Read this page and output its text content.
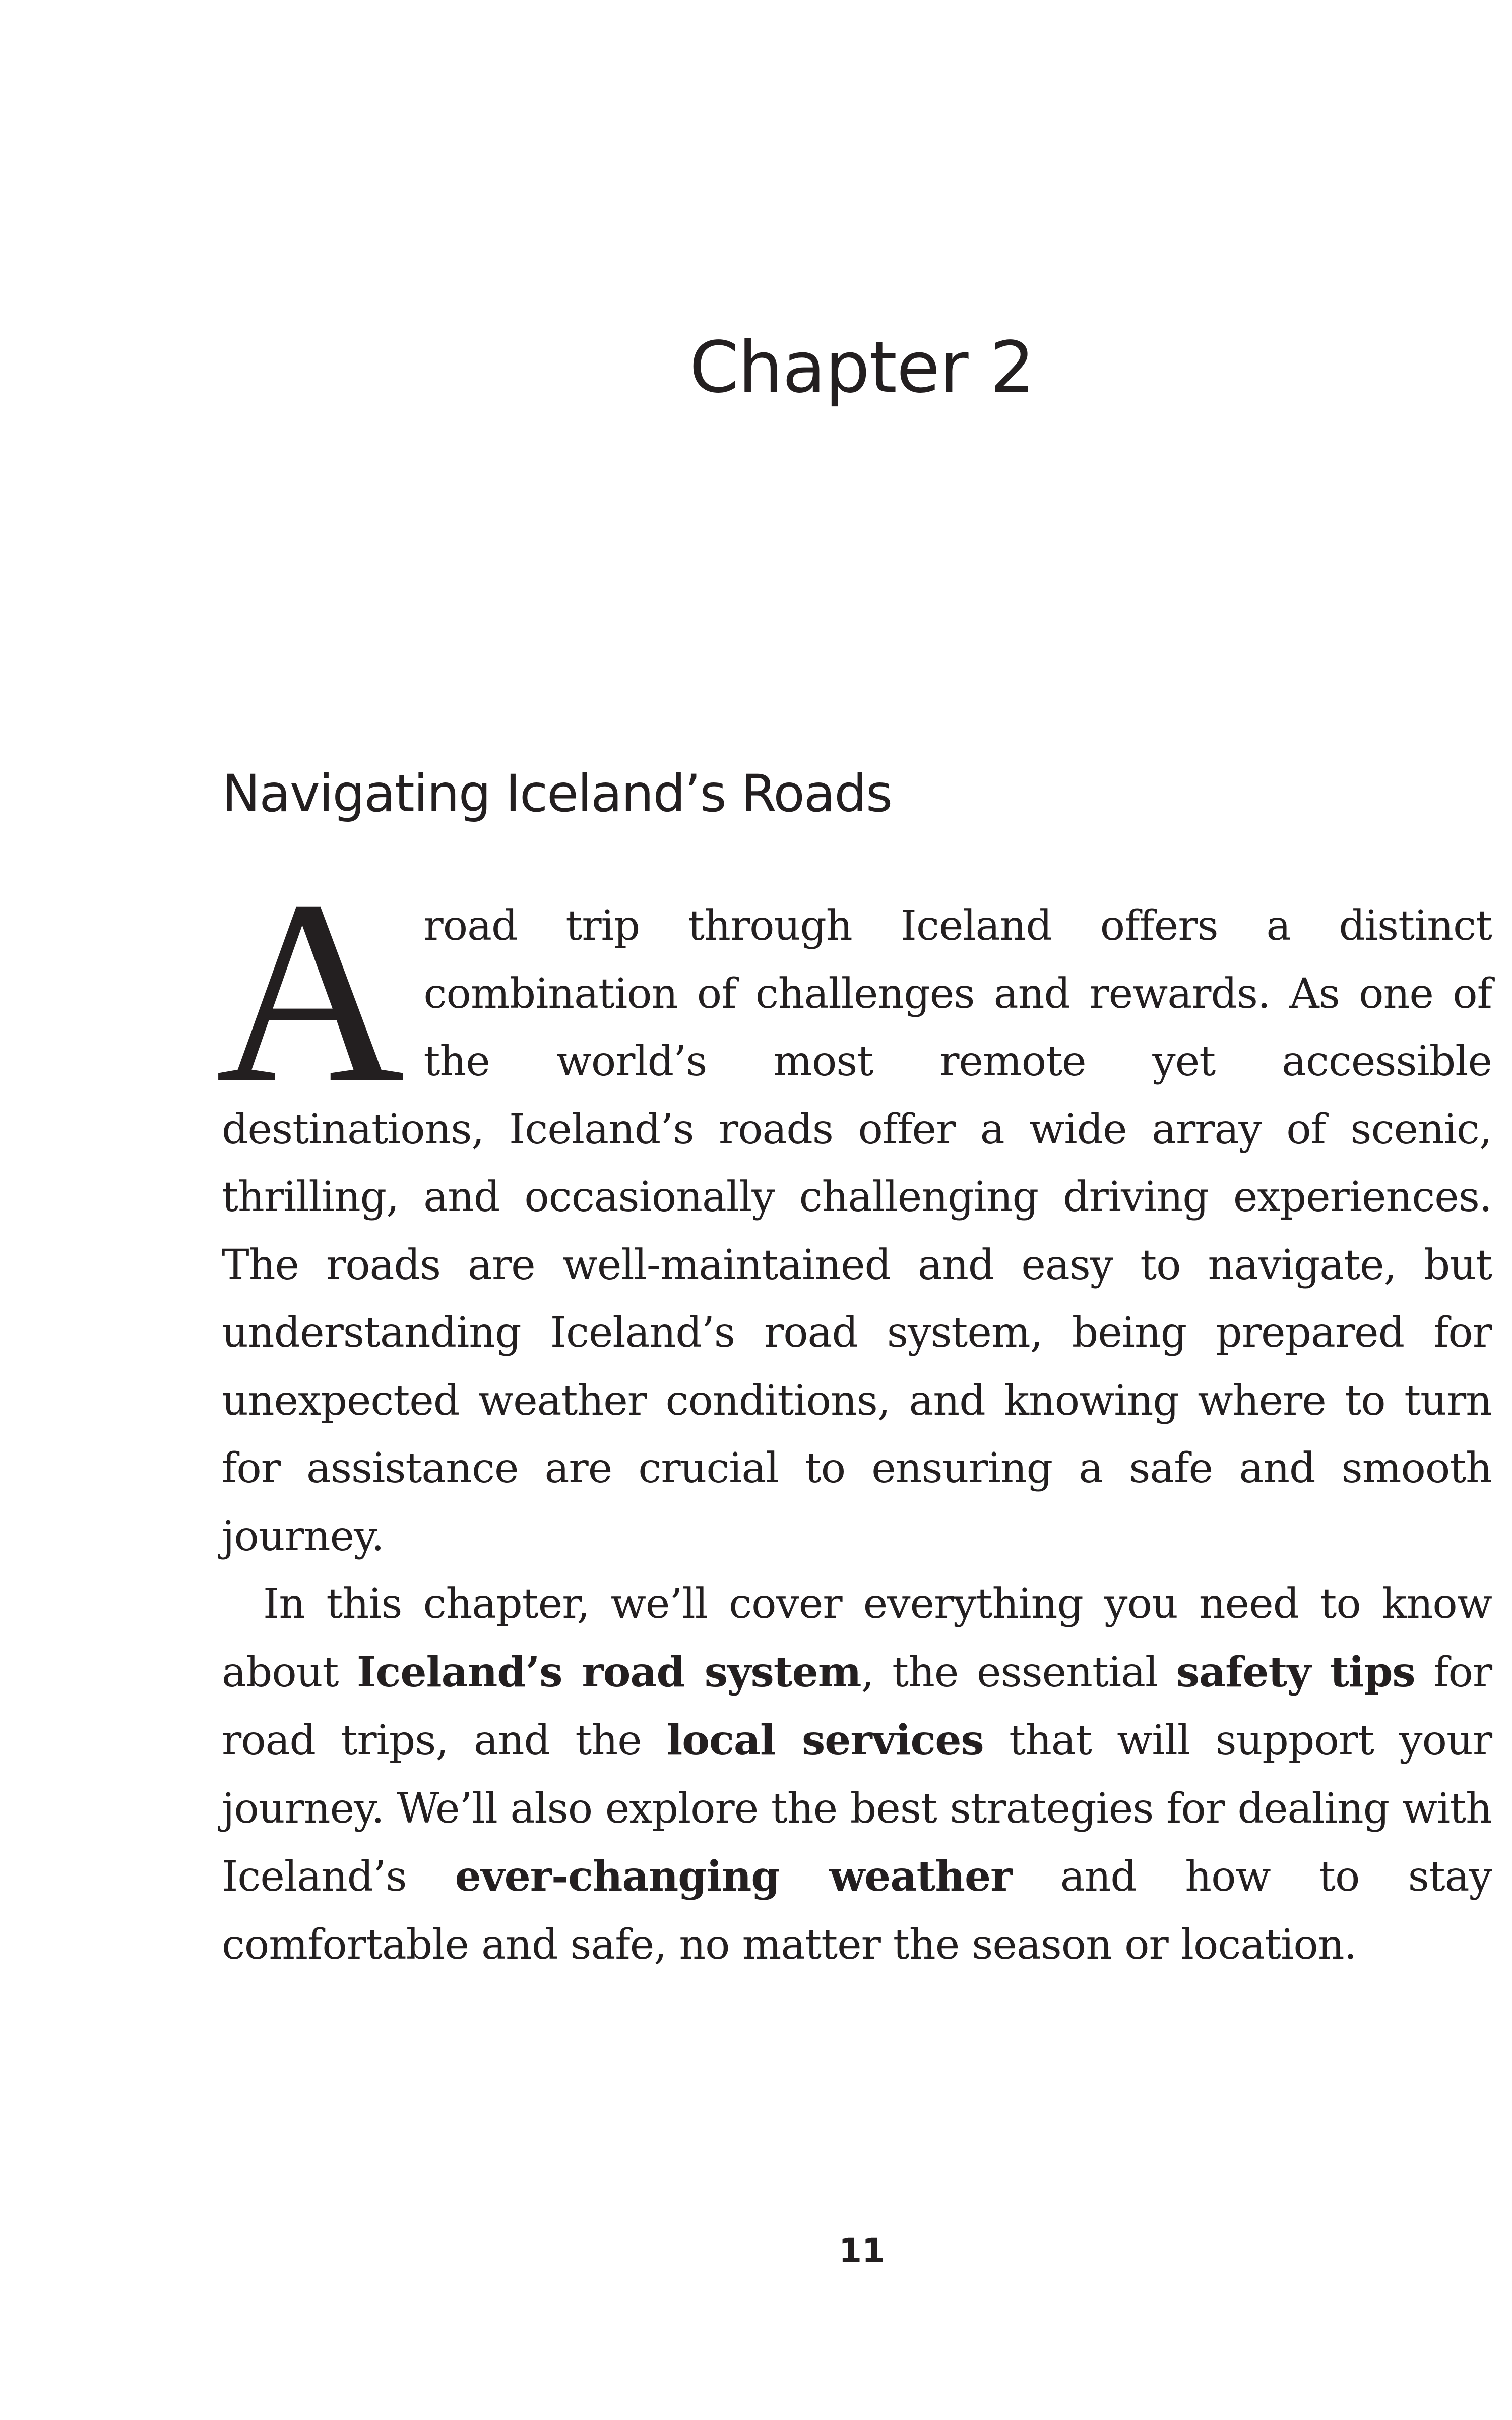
Chapter 2
Navigating Iceland’s Roads

A road trip through Iceland offers a distinct combination of challenges and rewards. As one of the world’s most remote yet accessible destinations, Iceland’s roads offer a wide array of scenic, thrilling, and occasionally challenging driving experiences. The roads are well-maintained and easy to navigate, but understanding Iceland’s road system, being prepared for unexpected weather conditions, and knowing where to turn for assistance are crucial to ensuring a safe and smooth journey.

In this chapter, we’ll cover everything you need to know about Iceland’s road system, the essential safety tips for road trips, and the local services that will support your journey. We’ll also explore the best strategies for dealing with Iceland’s ever-changing weather and how to stay comfortable and safe, no matter the season or location.

11
